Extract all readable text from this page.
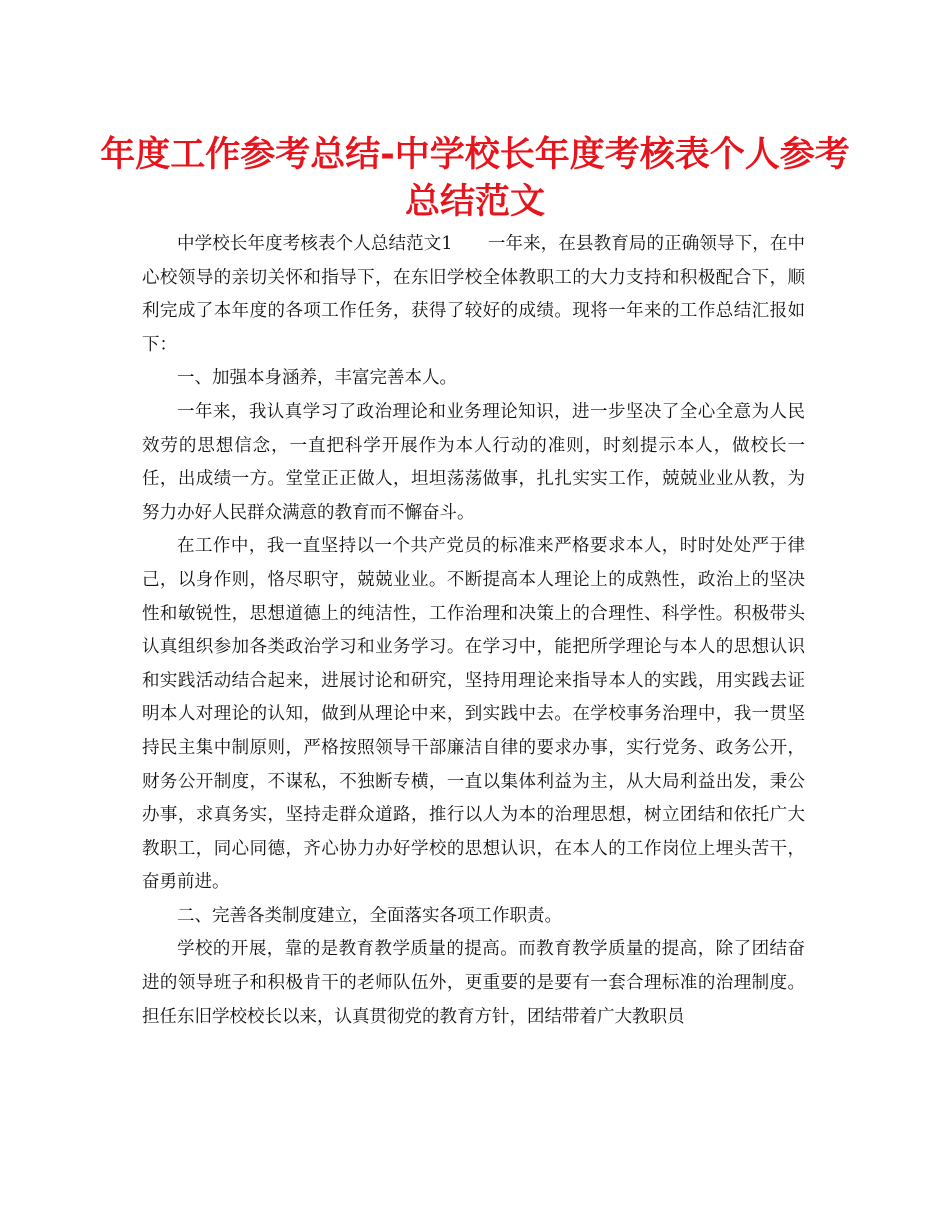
年度工作参考总结-中学校长年度考核表个人参考总结范文

中学校长年度考核表个人总结范文1　　一年来，在县教育局的正确领导下，在中心校领导的亲切关怀和指导下，在东旧学校全体教职工的大力支持和积极配合下，顺利完成了本年度的各项工作任务，获得了较好的成绩。现将一年来的工作总结汇报如下：

一、加强本身涵养，丰富完善本人。

一年来，我认真学习了政治理论和业务理论知识，进一步坚决了全心全意为人民效劳的思想信念，一直把科学开展作为本人行动的准则，时刻提示本人，做校长一任，出成绩一方。堂堂正正做人，坦坦荡荡做事，扎扎实实工作，兢兢业业从教，为努力办好人民群众满意的教育而不懈奋斗。

在工作中，我一直坚持以一个共产党员的标准来严格要求本人，时时处处严于律己，以身作则，恪尽职守，兢兢业业。不断提高本人理论上的成熟性，政治上的坚决性和敏锐性，思想道德上的纯洁性，工作治理和决策上的合理性、科学性。积极带头认真组织参加各类政治学习和业务学习。在学习中，能把所学理论与本人的思想认识和实践活动结合起来，进展讨论和研究，坚持用理论来指导本人的实践，用实践去证明本人对理论的认知，做到从理论中来，到实践中去。在学校事务治理中，我一贯坚持民主集中制原则，严格按照领导干部廉洁自律的要求办事，实行党务、政务公开，财务公开制度，不谋私，不独断专横，一直以集体利益为主，从大局利益出发，秉公办事，求真务实，坚持走群众道路，推行以人为本的治理思想，树立团结和依托广大教职工，同心同德，齐心协力办好学校的思想认识，在本人的工作岗位上埋头苦干，奋勇前进。

二、完善各类制度建立，全面落实各项工作职责。

学校的开展，靠的是教育教学质量的提高。而教育教学质量的提高，除了团结奋进的领导班子和积极肯干的老师队伍外，更重要的是要有一套合理标准的治理制度。担任东旧学校校长以来，认真贯彻党的教育方针，团结带着广大教职员
